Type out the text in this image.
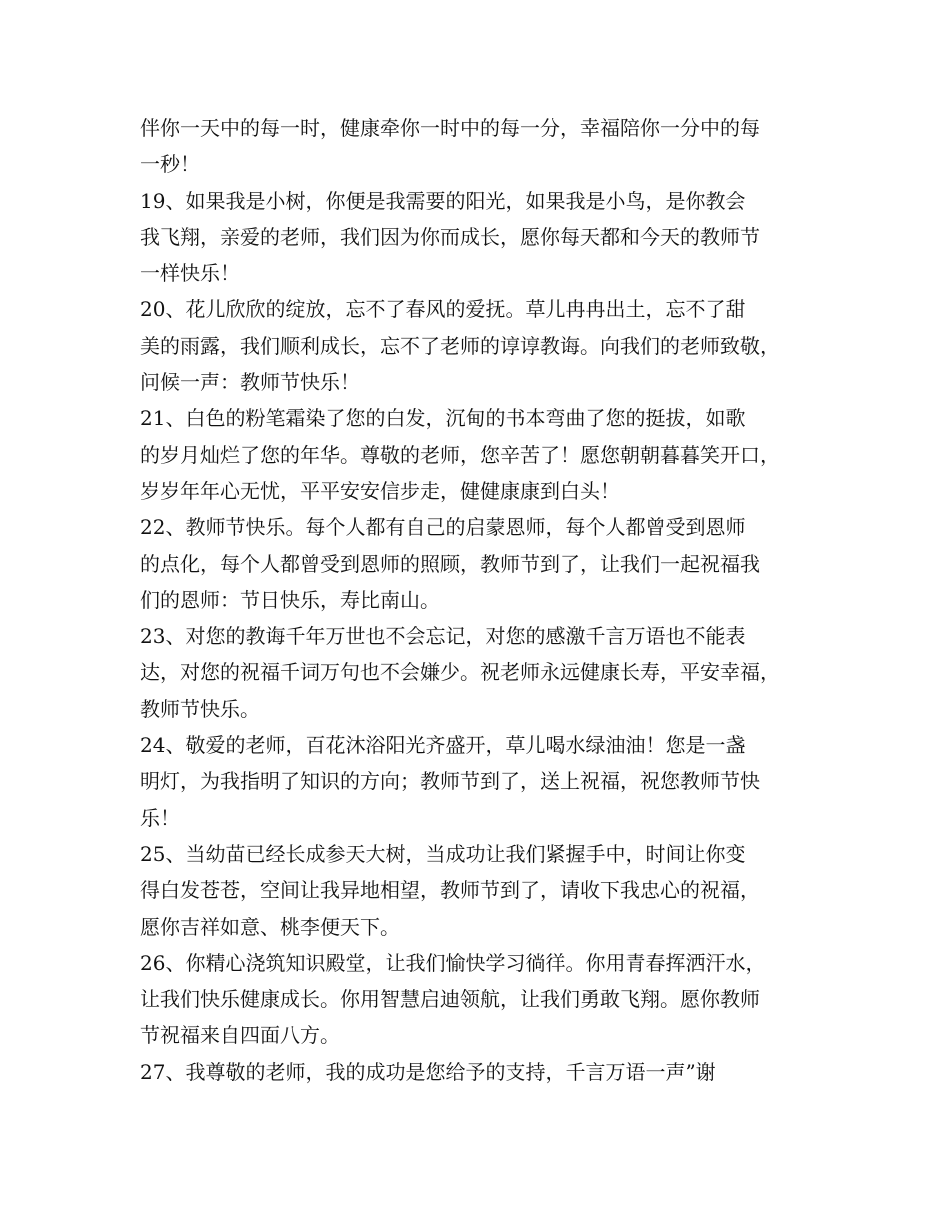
伴你一天中的每一时，健康牵你一时中的每一分，幸福陪你一分中的每
一秒！
19、如果我是小树，你便是我需要的阳光，如果我是小鸟，是你教会
我飞翔，亲爱的老师，我们因为你而成长，愿你每天都和今天的教师节
一样快乐！
20、花儿欣欣的绽放，忘不了春风的爱抚。草儿冉冉出土，忘不了甜
美的雨露，我们顺利成长，忘不了老师的谆谆教诲。向我们的老师致敬，
问候一声：教师节快乐！
21、白色的粉笔霜染了您的白发，沉甸的书本弯曲了您的挺拔，如歌
的岁月灿烂了您的年华。尊敬的老师，您辛苦了！愿您朝朝暮暮笑开口，
岁岁年年心无忧，平平安安信步走，健健康康到白头！
22、教师节快乐。每个人都有自己的启蒙恩师，每个人都曾受到恩师
的点化，每个人都曾受到恩师的照顾，教师节到了，让我们一起祝福我
们的恩师：节日快乐，寿比南山。
23、对您的教诲千年万世也不会忘记，对您的感激千言万语也不能表
达，对您的祝福千词万句也不会嫌少。祝老师永远健康长寿，平安幸福，
教师节快乐。
24、敬爱的老师，百花沐浴阳光齐盛开，草儿喝水绿油油！您是一盏
明灯，为我指明了知识的方向；教师节到了，送上祝福，祝您教师节快
乐！
25、当幼苗已经长成参天大树，当成功让我们紧握手中，时间让你变
得白发苍苍，空间让我异地相望，教师节到了，请收下我忠心的祝福，
愿你吉祥如意、桃李便天下。
26、你精心浇筑知识殿堂，让我们愉快学习徜徉。你用青春挥洒汗水，
让我们快乐健康成长。你用智慧启迪领航，让我们勇敢飞翔。愿你教师
节祝福来自四面八方。
27、我尊敬的老师，我的成功是您给予的支持，千言万语一声”谢
